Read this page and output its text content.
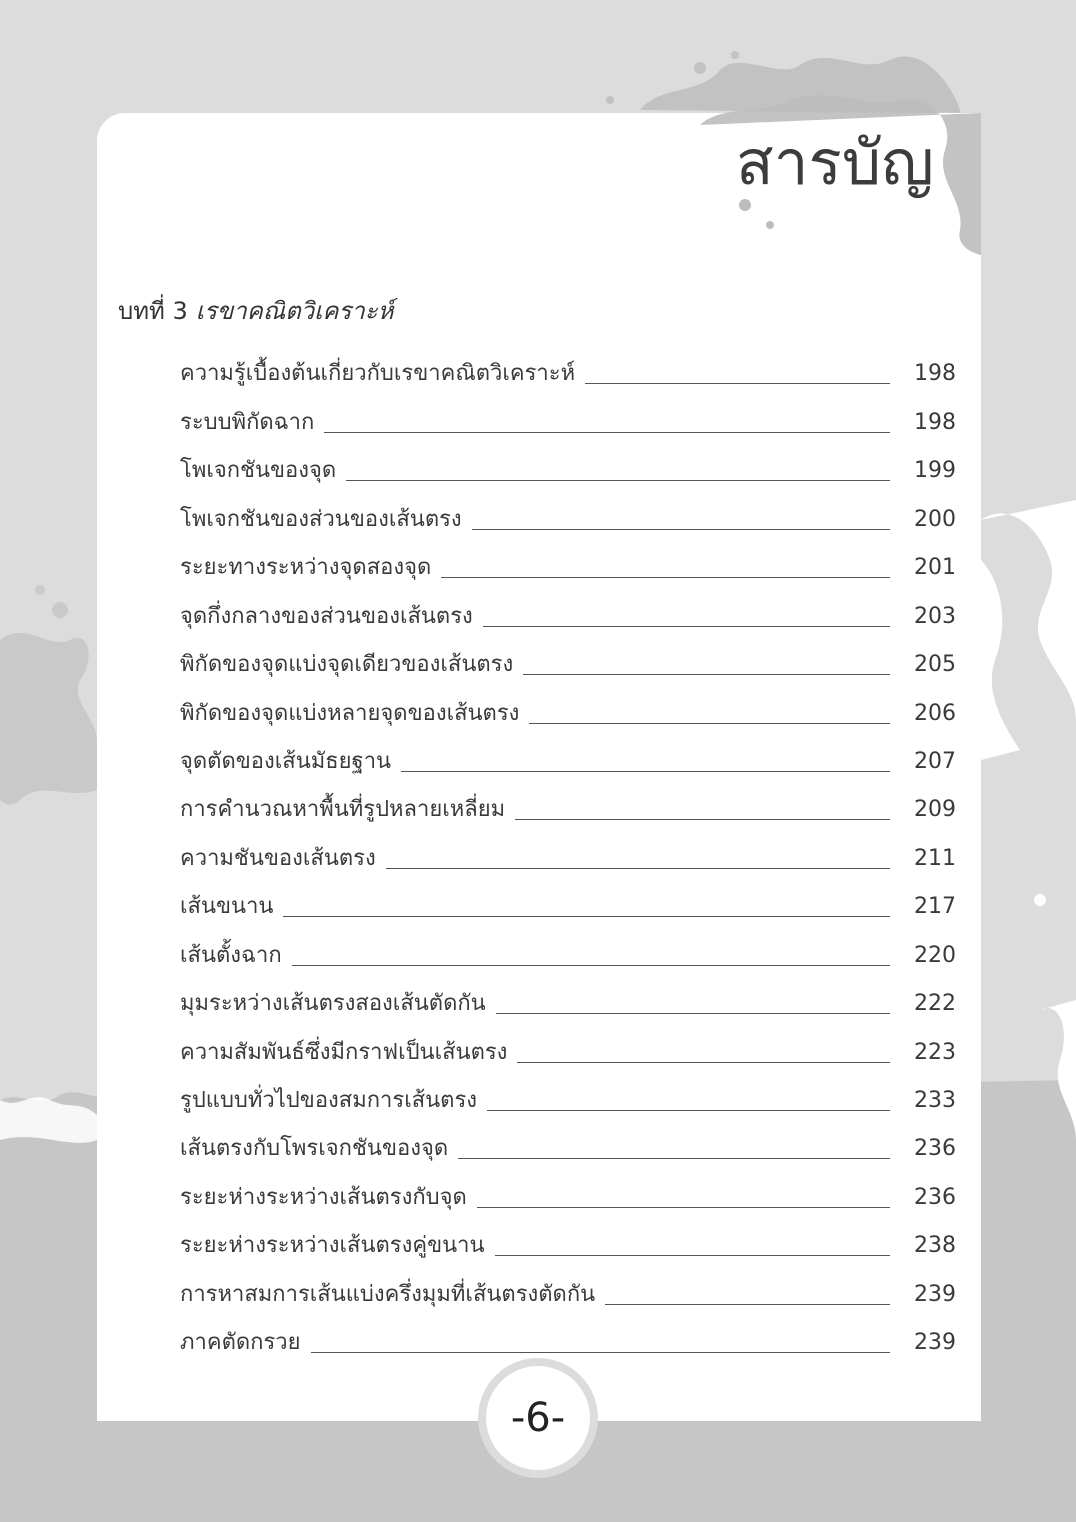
สารบัญ
บทที่ 3 เรขาคณิตวิเคราะห์
ความรู้เบื้องต้นเกี่ยวกับเรขาคณิตวิเคราะห์	198
ระบบพิกัดฉาก	198
โพเจกชันของจุด	199
โพเจกชันของส่วนของเส้นตรง	200
ระยะทางระหว่างจุดสองจุด	201
จุดกึ่งกลางของส่วนของเส้นตรง	203
พิกัดของจุดแบ่งจุดเดียวของเส้นตรง	205
พิกัดของจุดแบ่งหลายจุดของเส้นตรง	206
จุดตัดของเส้นมัธยฐาน	207
การคำนวณหาพื้นที่รูปหลายเหลี่ยม	209
ความชันของเส้นตรง	211
เส้นขนาน	217
เส้นตั้งฉาก	220
มุมระหว่างเส้นตรงสองเส้นตัดกัน	222
ความสัมพันธ์ซึ่งมีกราฟเป็นเส้นตรง	223
รูปแบบทั่วไปของสมการเส้นตรง	233
เส้นตรงกับโพรเจกชันของจุด	236
ระยะห่างระหว่างเส้นตรงกับจุด	236
ระยะห่างระหว่างเส้นตรงคู่ขนาน	238
การหาสมการเส้นแบ่งครึ่งมุมที่เส้นตรงตัดกัน	239
ภาคตัดกรวย	239
-6-
